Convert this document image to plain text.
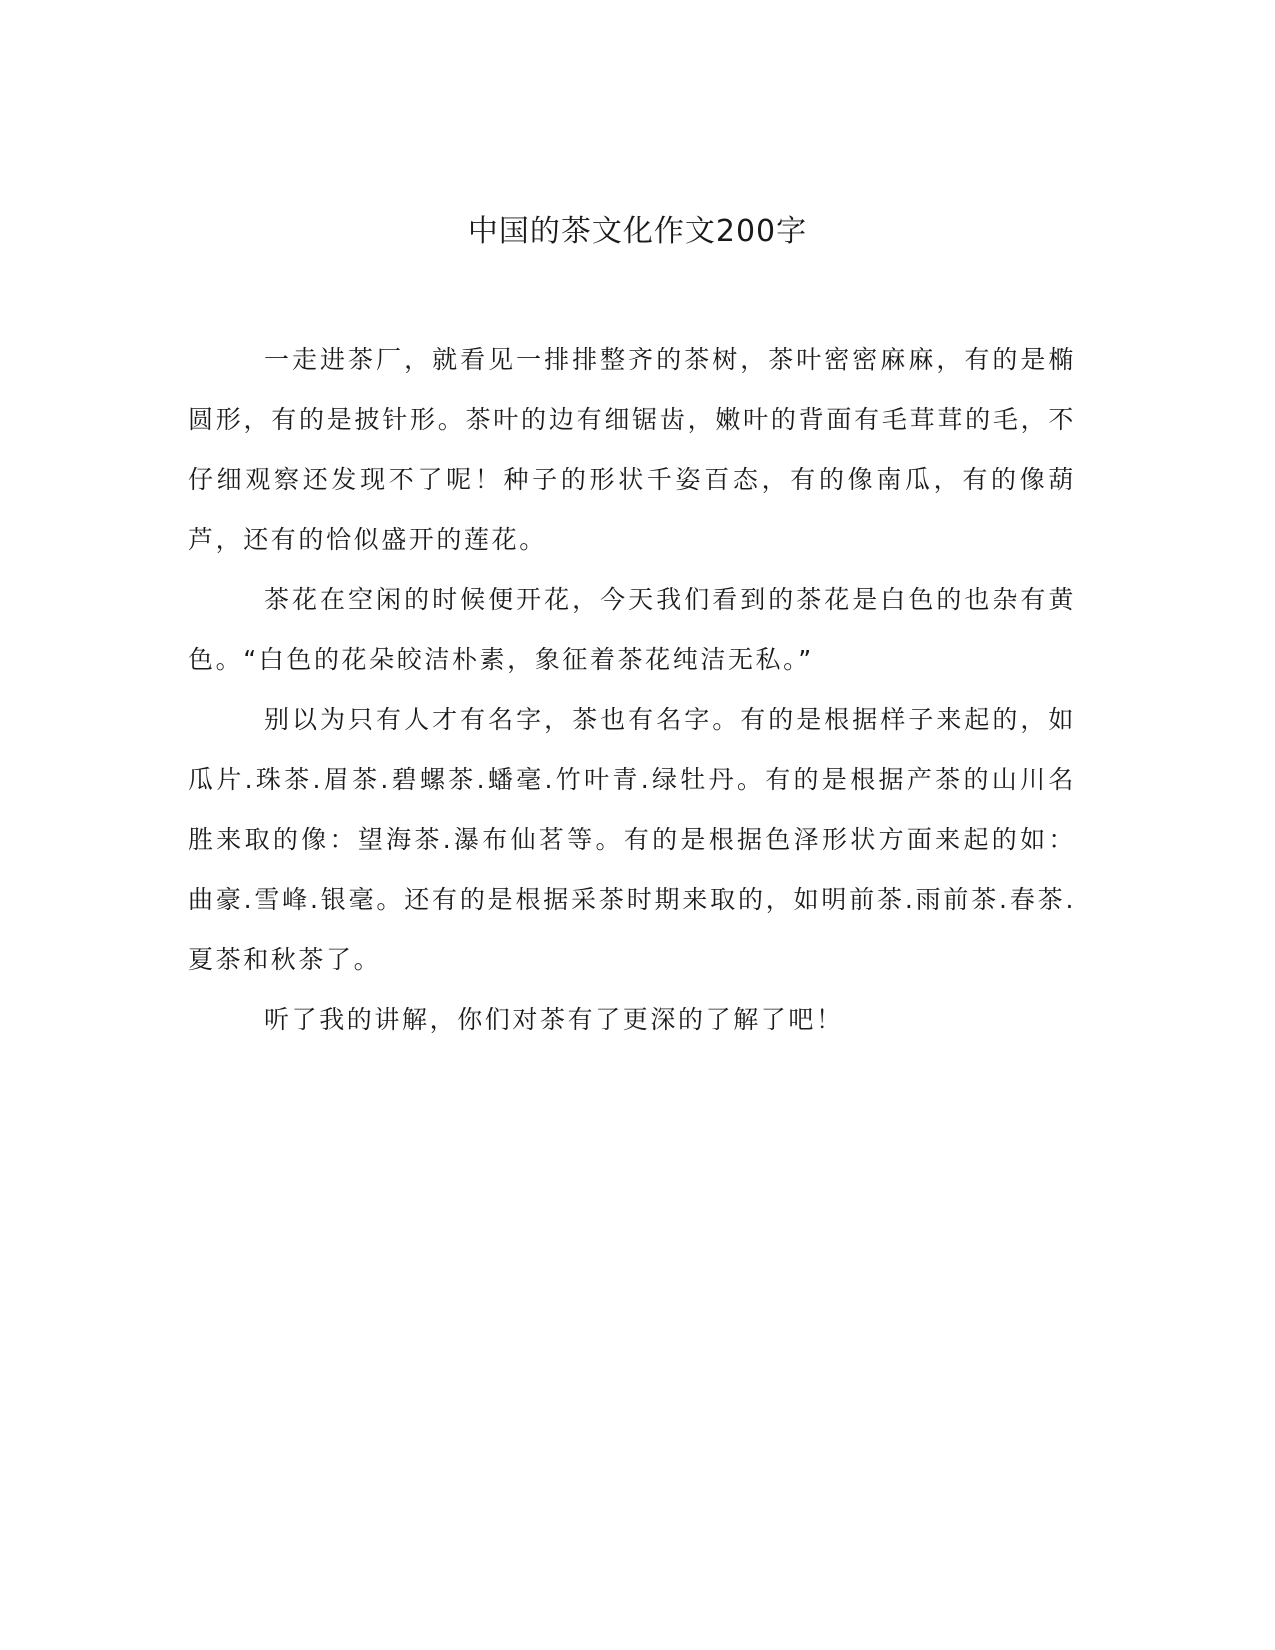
中国的茶文化作文200字

一走进茶厂，就看见一排排整齐的茶树，茶叶密密麻麻，有的是椭圆形，有的是披针形。茶叶的边有细锯齿，嫩叶的背面有毛茸茸的毛，不仔细观察还发现不了呢！种子的形状千姿百态，有的像南瓜，有的像葫芦，还有的恰似盛开的莲花。

茶花在空闲的时候便开花，今天我们看到的茶花是白色的也杂有黄色。“白色的花朵皎洁朴素，象征着茶花纯洁无私。”

别以为只有人才有名字，茶也有名字。有的是根据样子来起的，如瓜片.珠茶.眉茶.碧螺茶.蟠毫.竹叶青.绿牡丹。有的是根据产茶的山川名胜来取的像：望海茶.瀑布仙茗等。有的是根据色泽形状方面来起的如：曲豪.雪峰.银毫。还有的是根据采茶时期来取的，如明前茶.雨前茶.春茶.夏茶和秋茶了。

听了我的讲解，你们对茶有了更深的了解了吧！
